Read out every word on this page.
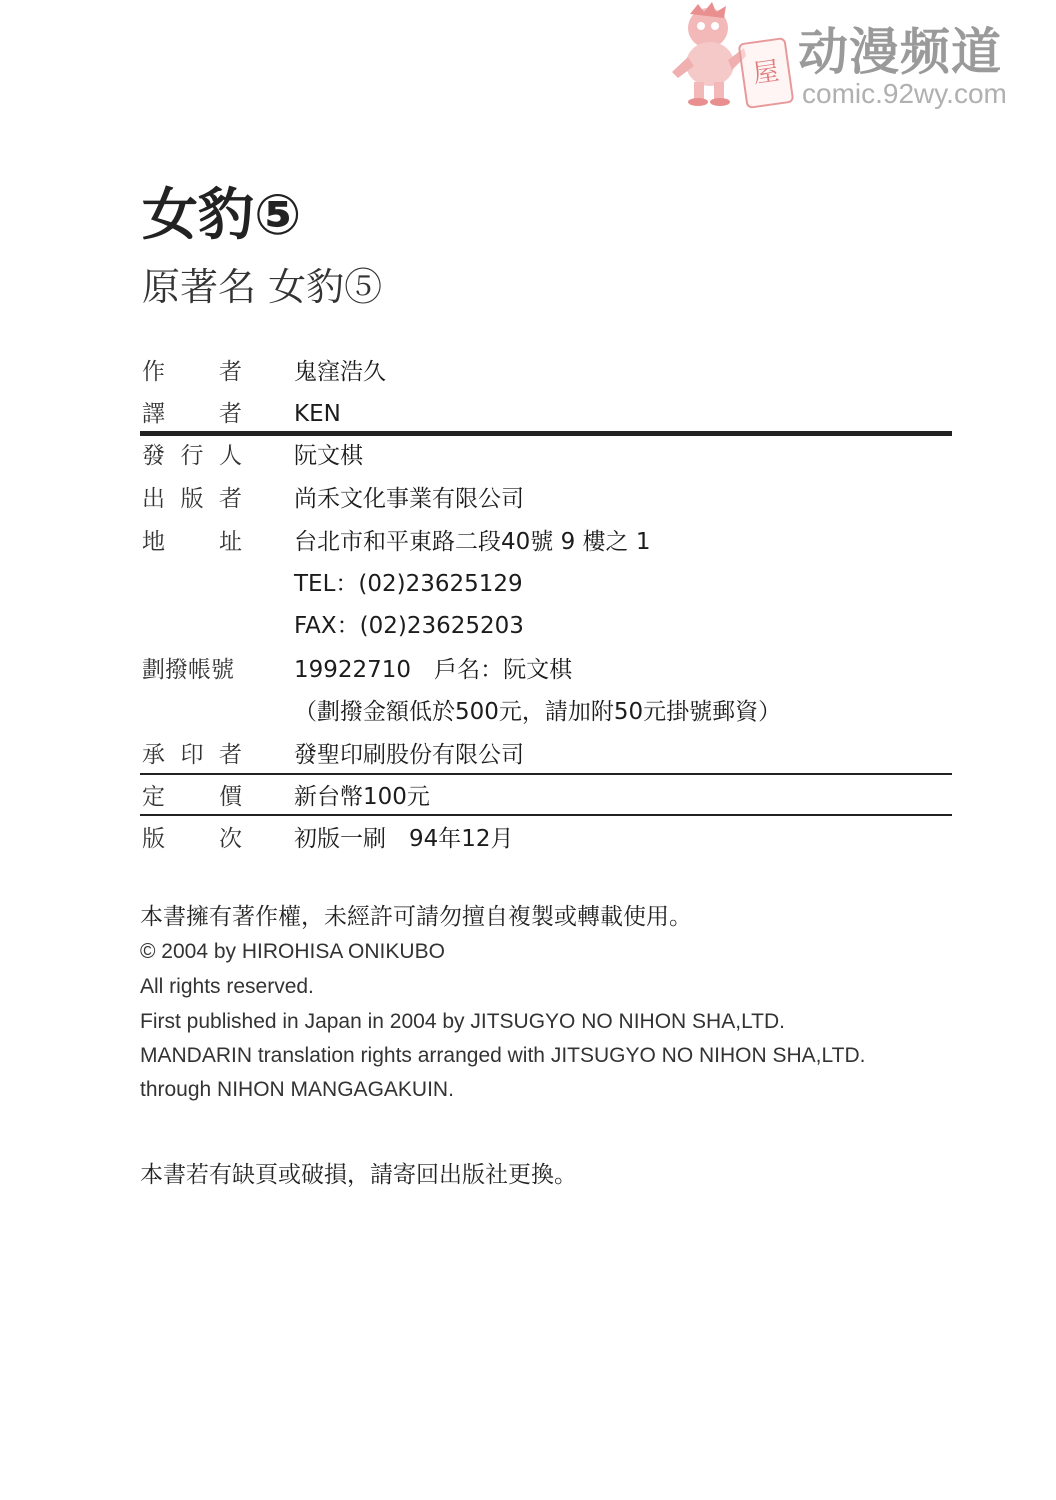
屋 动漫频道
comic.92wy.com
女豹⑤
原著名 女豹⑤
作 者 鬼窪浩久
譯 者 KEN
發 行 人 阮文棋
出 版 者 尚禾文化事業有限公司
地 址 台北市和平東路二段40號 9 樓之 1
TEL：(02)23625129
FAX：(02)23625203
劃撥帳號	19922710　戶名：阮文棋
（劃撥金額低於500元，請加附50元掛號郵資）
承 印 者 發聖印刷股份有限公司
定 價 新台幣100元
版 次 初版一刷　94年12月
本書擁有著作權，未經許可請勿擅自複製或轉載使用。
© 2004 by HIROHISA ONIKUBO
All rights reserved.
First published in Japan in 2004 by JITSUGYO NO NIHON SHA,LTD.
MANDARIN translation rights arranged with JITSUGYO NO NIHON SHA,LTD.
through NIHON MANGAGAKUIN.
本書若有缺頁或破損，請寄回出版社更換。
